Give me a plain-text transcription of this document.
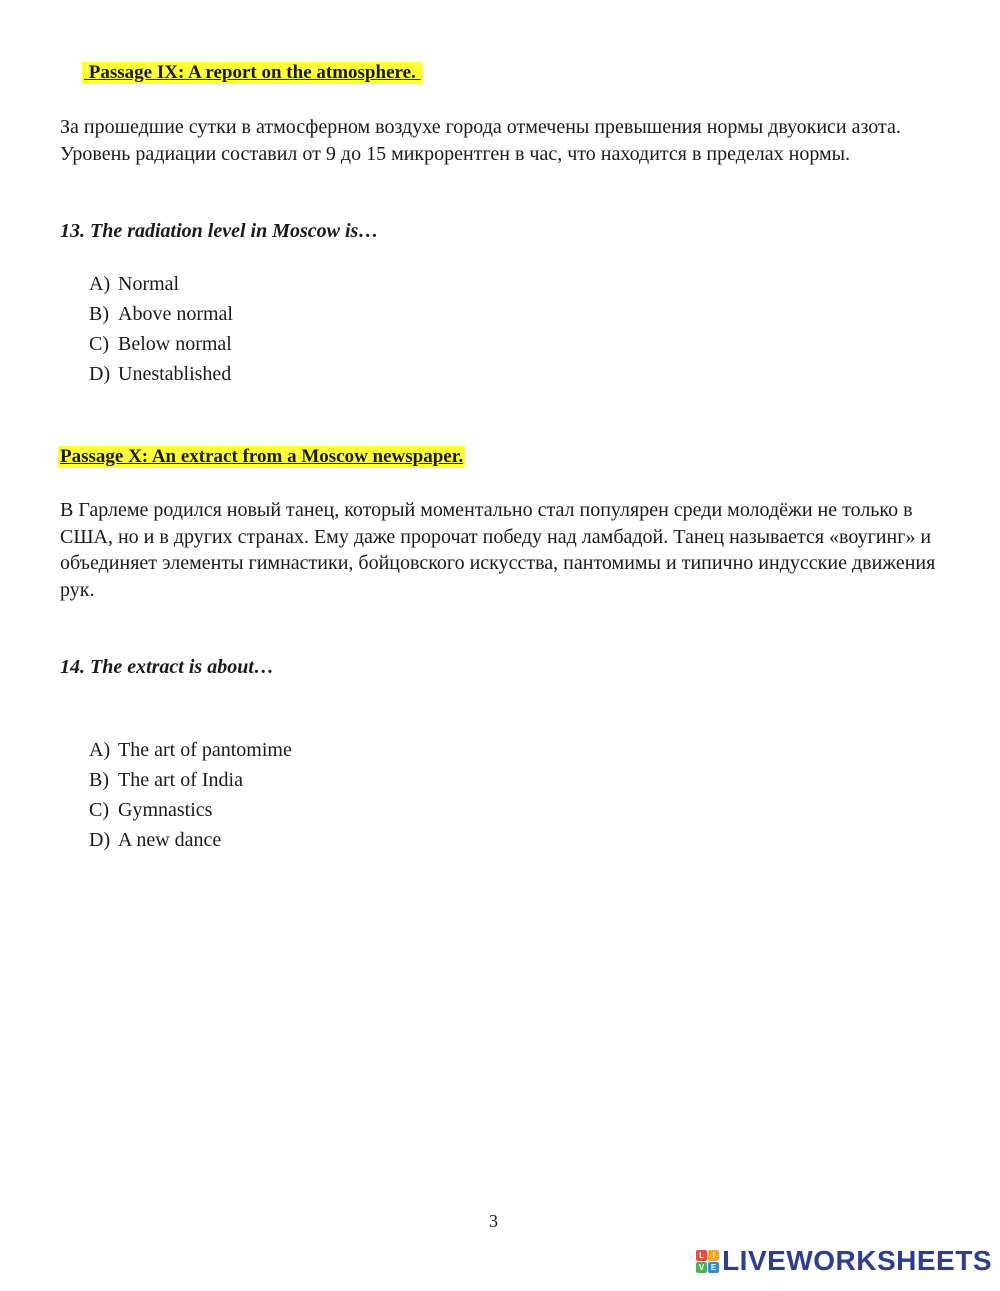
Passage IX: A report on the atmosphere.
За прошедшие сутки в атмосферном воздухе города отмечены превышения нормы двуокиси азота. Уровень радиации составил от 9 до 15 микрорентген в час, что находится в пределах нормы.
13. The radiation level in Moscow is…
A) Normal
B) Above normal
C) Below normal
D) Unestablished
Passage X: An extract from a Moscow newspaper.
В Гарлеме родился новый танец, который моментально стал популярен среди молодёжи не только в США, но и в других странах. Ему даже пророчат победу над ламбадой. Танец называется «воугинг» и объединяет элементы гимнастики, бойцовского искусства, пантомимы и типично индусские движения рук.
14. The extract is about…
A) The art of pantomime
B) The art of India
C) Gymnastics
D) A new dance
3
L	I
V E LIVEWORKSHEETS
